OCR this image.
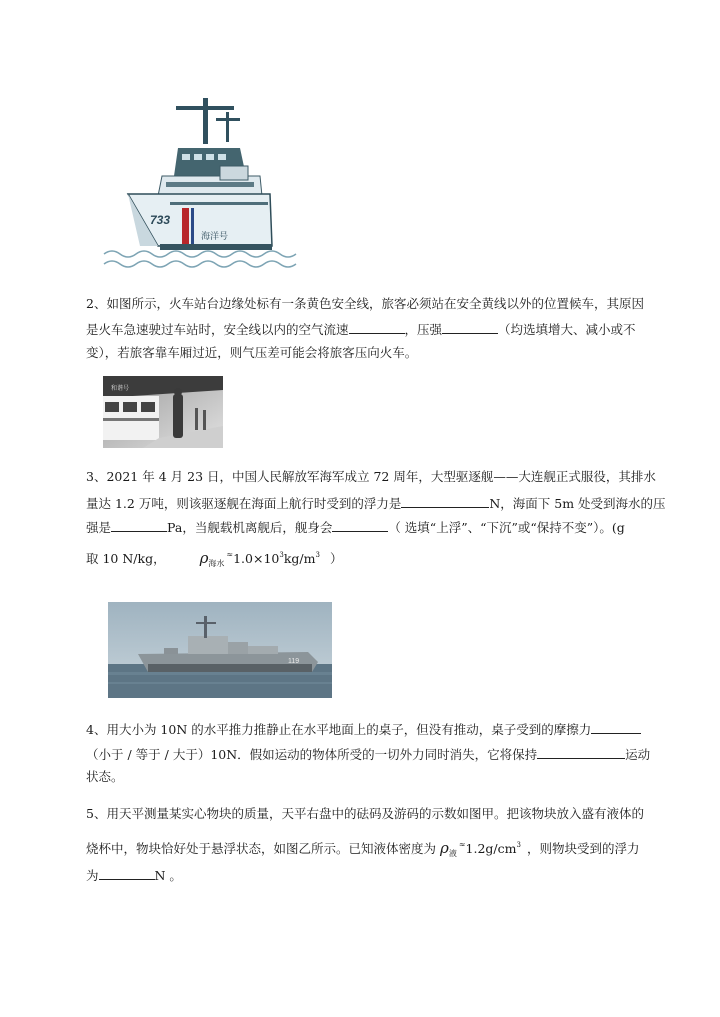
733
海洋号
2、如图所示，火车站台边缘处标有一条黄色安全线，旅客必须站在安全黄线以外的位置候车，其原因
是火车急速驶过车站时，安全线以内的空气流速	，压强	（均选填增大、减小或不
变），若旅客靠车厢过近，则气压差可能会将旅客压向火车。
和谐号
3、2021 年 4 月 23 日，中国人民解放军海军成立 72 周年，大型驱逐舰——大连舰正式服役，其排水
量达 1.2 万吨，则该驱逐舰在海面上航行时受到的浮力是	N，海面下 5m 处受到海水的压
强是	Pa，当舰载机离舰后，舰身会	（ 选填“上浮”、“下沉”或“保持不变”）。(g
取 10 N/kg， $\rho_{海水}^\approx 1.0\times 10^3kg/m^3$ ）
119
4、用大小为 10N 的水平推力推静止在水平地面上的桌子，但没有推动，桌子受到的摩擦力
（小于 / 等于 / 大于）10N．假如运动的物体所受的一切外力同时消失，它将保持	运动
状态。
5、用天平测量某实心物块的质量，天平右盘中的砝码及游码的示数如图甲。把该物块放入盛有液体的
烧杯中，物块恰好处于悬浮状态，如图乙所示。已知液体密度为 $\rho_液^\approx 1.2g/cm^3$ ，则物块受到的浮力
为	N 。
